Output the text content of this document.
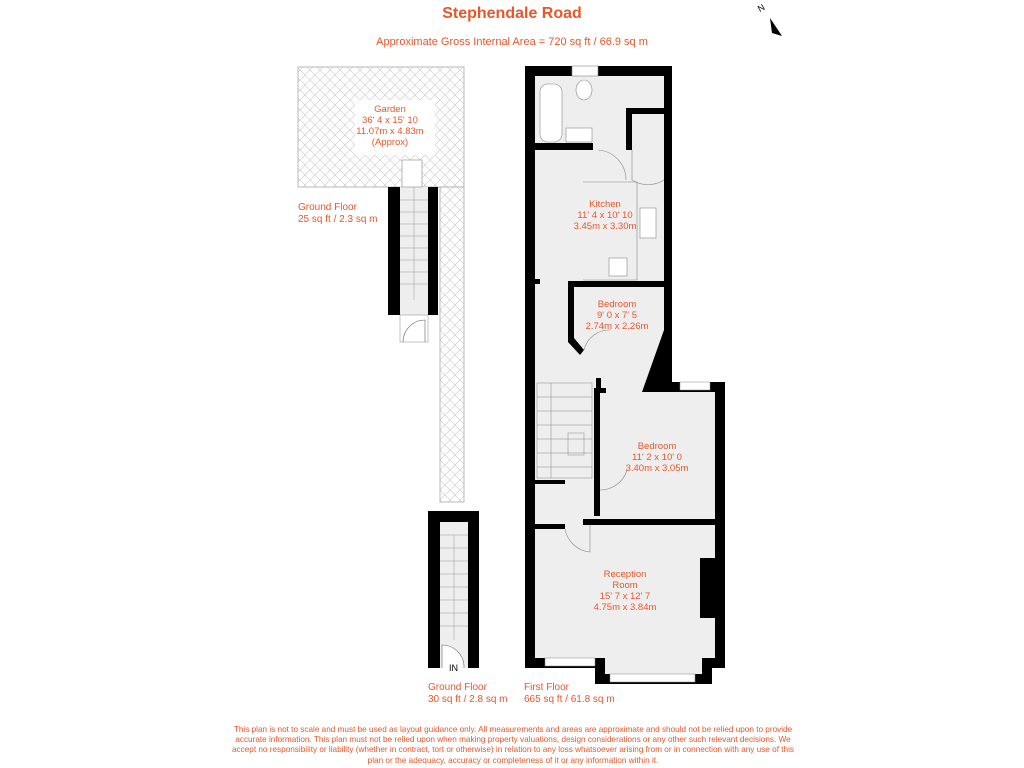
Stephendale Road
Approximate Gross Internal Area = 720 sq ft / 66.9 sq m
N
Garden
36' 4 x 15' 10
11.07m x 4.83m
(Approx)
Kitchen
11' 4 x 10' 10
3.45m x 3.30m
Bedroom
9' 0 x 7' 5
2.74m x 2.26m
Bedroom
11' 2 x 10' 0
3.40m x 3.05m
Reception
Room
15' 7 x 12' 7
4.75m x 3.84m
Ground Floor
25 sq ft / 2.3 sq m
Ground Floor
30 sq ft / 2.8 sq m
IN
First Floor
665 sq ft / 61.8 sq m
This plan is not to scale and must be used as layout guidance only. All measurements and areas are approximate and should not be relied upon to provide accurate information. This plan must not be relied upon when making property valuations, design considerations or any other such relevant decisions. We accept no responsibility or liability (whether in contract, tort or otherwise) in relation to any loss whatsoever arising from or in connection with any use of this plan or the adequacy, accuracy or completeness of it or any information within it.
